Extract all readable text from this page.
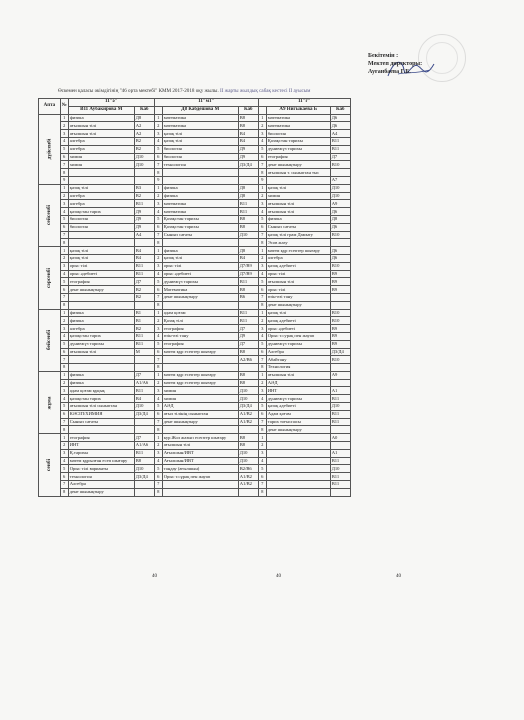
Бекітемін :
Мектеп директоры:
Ауғанбаева Г.Б.
Өскемен қаласы әкімдігінің "46 орта мектебі" КММ 2017-2018 оқу жылы. II жарты жылдық сабақ кестесі II ауысым
Апта	№	11"ә"		11"м1"			11"г"		
		В11 Аубакирова М	Каб		Д8 Кабдешова М	Каб		А9 Нигыкаева Б	Каб
дүйсенбі	1	физика	Д8	1	математика	В8	1	математика	Д6
	2	ағылшын тілі	А2	2	математика	В8	2	математика	Д6
	3	ағылшын тілі	А2	3	қазақ тілі	В4	3	биология	А4
	4	алгебра	В2	4	қазақ тілі	В4	4	Қазақстан тарихы	В11
	5	алгебра	В2	5	биология	Д9	5	дүниежүз тарихы	В11
	6	химия	Д10	6	биология	Д9	6	география	Д7
	7	химия	Д10	7	технология	Д3/Д4	7	дене шынықтыру	В10
	8			8			8	ағылшын т. сыныптан тыс	
	9			9			9		А7
сейсенбі	1	қазақ тілі	В3	1	физика	Д8	1	қазақ тілі	Д10
	2	алгебра	В2	2	физика	Д8	2	химия	Д10
	3	алгебра	В11	3	математика	В11	3	ағылшын тілі	А9
	4	қазақстан тарих	Д9	4	математика	В11	4	ағылшын тілі	Д6
	5	биология	Д9	5	Қазақстан тарихы	В8	5	физика	Д8
	6	биология	Д9	6	Қазақстан тарихы	В8	6	Сынып сағаты	Д6
	7		А4	7	Сынып сағаты	Д10	7	қазақ тілі грам Дамыту	В10
	8			8			8	Эсов жазу	
сәрсенбі	1	қазақ тілі	В4	1	физика	Д8	1	матем құр есептер шығару	Д6
	2	қазақ тілі	В4	2	қазақ тілі	В4	2	алгебра	Д6
	3	орыс тілі	В11	3	орыс тілі	Д7/В9	3	қазақ әдебиеті	В10
	4	орыс әдебиеті	В11	4	орыс әдебиеті	Д7/В9	4	орыс тілі	В9
	5	география	Д7	5	дүниежүз тарихы	В11	5	ағылшын тілі	В9
	6	дене шынықтыру	В2	6	Математика	В8	6	орыс тілі	В9
	7		В2	7	дене шынықтыру	В6	7	өзін-өзі тану	
	8			8			8	дене шынықтыру	
бейсенбі	1	физика	В1	1	адам қоғам	В11	1	қазақ тілі	В10
	2	физика	В1	2	Қазақ тілі	В11	2	қазақ әдебиеті	В10
	3	алгебра	В2	3	география	Д7	3	орыс әдебиеті	В9
	4	қазақстан тарих	В11	4	өзін-өзі тану	Д9	4	Орыс т.сурақ пен жауап	В9
	5	дүниежүз тарихы	В11	5	география	Д7	5	дүниежүз тарихы	В9
	6	ағылшын тілі	М	6	матем құр есептер шығару	В8	6	Алгебра	Д3/Д4
	7			7		А2/В6	7	Абайтану	В10
	8			8			8	Технология	
жұма	1	физика	Д7	1	матем құр есептер шығару	В8	1	ағылшын тілі	А9
	2	физика	А1/А6	2	матем құр есептер шығару	В8	2	АӘД	
	3	адам қоғам құқық	В11	3	химия	Д10	3	ИНТ	А1
	4	қазақстан тарих	В4	4	химия	Д10	4	дүниежүз тарихы	В11
	5	ағылшын тілі сыныптан	Д10	5	АӘД	Д3/Д4	5	қазақ әдебиеті	Д10
	6	КӘСІП/ХИМИЯ	Д3/Д4	6	ағыл тілінің сыныптан	А1/В2	6	Адам қоғам	В11
	7	Сынып сағаты		7	дене шынықтыру	А1/В2	7	тарих тоғыспасы	В11
	8			8			8	дене шынықтыру	
сенбі	1	география	Д7	1	кур.Жол жазып есептер шығару	В8	1		А0
	2	ИНТ	А1/А6	2	ағылшын тілі	В8	2		
	3	Қ.тарихы	В11	3	Ағылшын/ИВТ	Д10	3		А1
	4	матем құрылған есеп шығару	В8	4	Ағылшын/ИВТ	Д10	4		В11
	5	Орыс тілі варианты	Д10	5	таңдау (ағылшын)	В2/В6	5		Д10
	6	технология	Д3/Д4	6	Орыс т.сұрақ пен жауап	А1/В2	6		В11
	7	Алгебра		7		А1/В2	7		В11
	8	дене шынықтыру		8			8		
40	40	40
